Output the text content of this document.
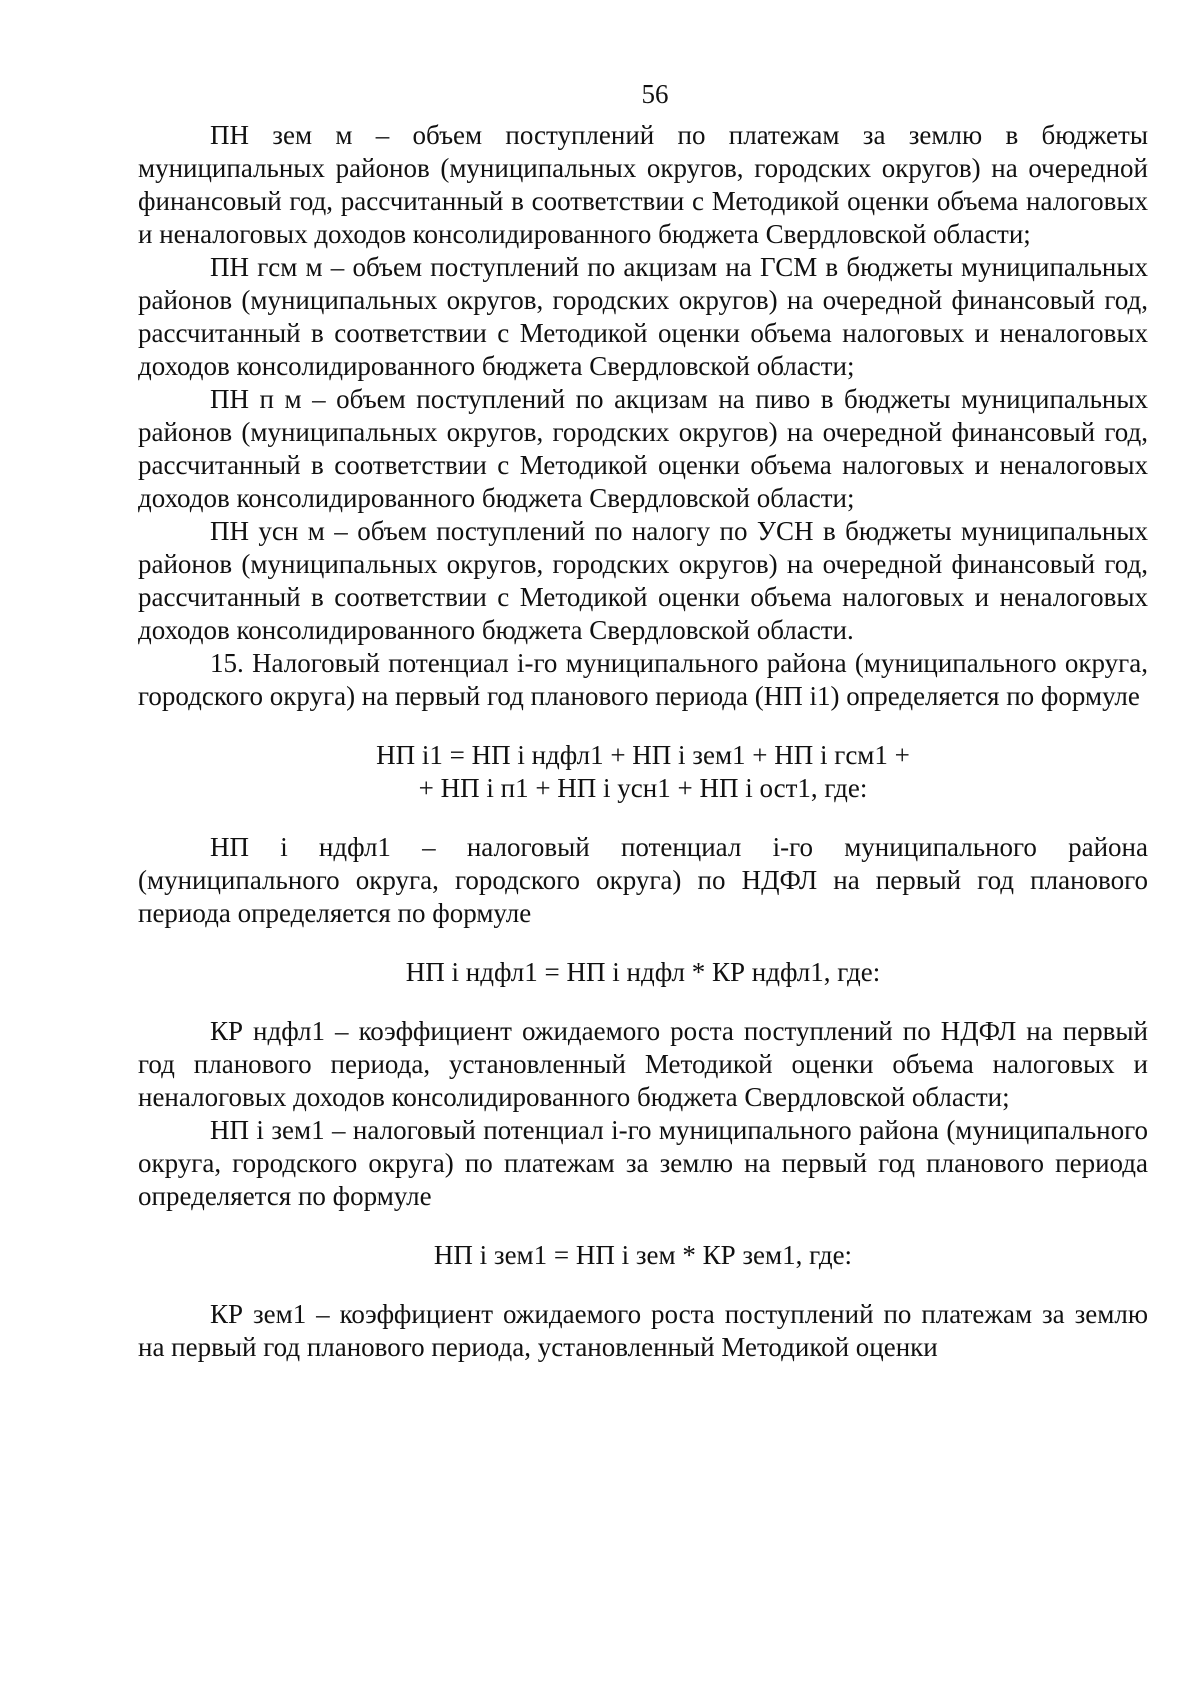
56

ПН зем м – объем поступлений по платежам за землю в бюджеты муниципальных районов (муниципальных округов, городских округов) на очередной финансовый год, рассчитанный в соответствии с Методикой оценки объема налоговых и неналоговых доходов консолидированного бюджета Свердловской области;

ПН гсм м – объем поступлений по акцизам на ГСМ в бюджеты муниципальных районов (муниципальных округов, городских округов) на очередной финансовый год, рассчитанный в соответствии с Методикой оценки объема налоговых и неналоговых доходов консолидированного бюджета Свердловской области;

ПН п м – объем поступлений по акцизам на пиво в бюджеты муниципальных районов (муниципальных округов, городских округов) на очередной финансовый год, рассчитанный в соответствии с Методикой оценки объема налоговых и неналоговых доходов консолидированного бюджета Свердловской области;

ПН усн м – объем поступлений по налогу по УСН в бюджеты муниципальных районов (муниципальных округов, городских округов) на очередной финансовый год, рассчитанный в соответствии с Методикой оценки объема налоговых и неналоговых доходов консолидированного бюджета Свердловской области.

15. Налоговый потенциал i-го муниципального района (муниципального округа, городского округа) на первый год планового периода (НП i1) определяется по формуле

НП i1 = НП i ндфл1 + НП i зем1 + НП i гсм1 +

+ НП i п1 + НП i усн1 + НП i ост1, где:

НП i ндфл1 – налоговый потенциал i-го муниципального района (муниципального округа, городского округа) по НДФЛ на первый год планового периода определяется по формуле

НП i ндфл1 = НП i ндфл * КР ндфл1, где:

КР ндфл1 – коэффициент ожидаемого роста поступлений по НДФЛ на первый год планового периода, установленный Методикой оценки объема налоговых и неналоговых доходов консолидированного бюджета Свердловской области;

НП i зем1 – налоговый потенциал i-го муниципального района (муниципального округа, городского округа) по платежам за землю на первый год планового периода определяется по формуле

НП i зем1 = НП i зем * КР зем1, где:

КР зем1 – коэффициент ожидаемого роста поступлений по платежам за землю на первый год планового периода, установленный Методикой оценки
